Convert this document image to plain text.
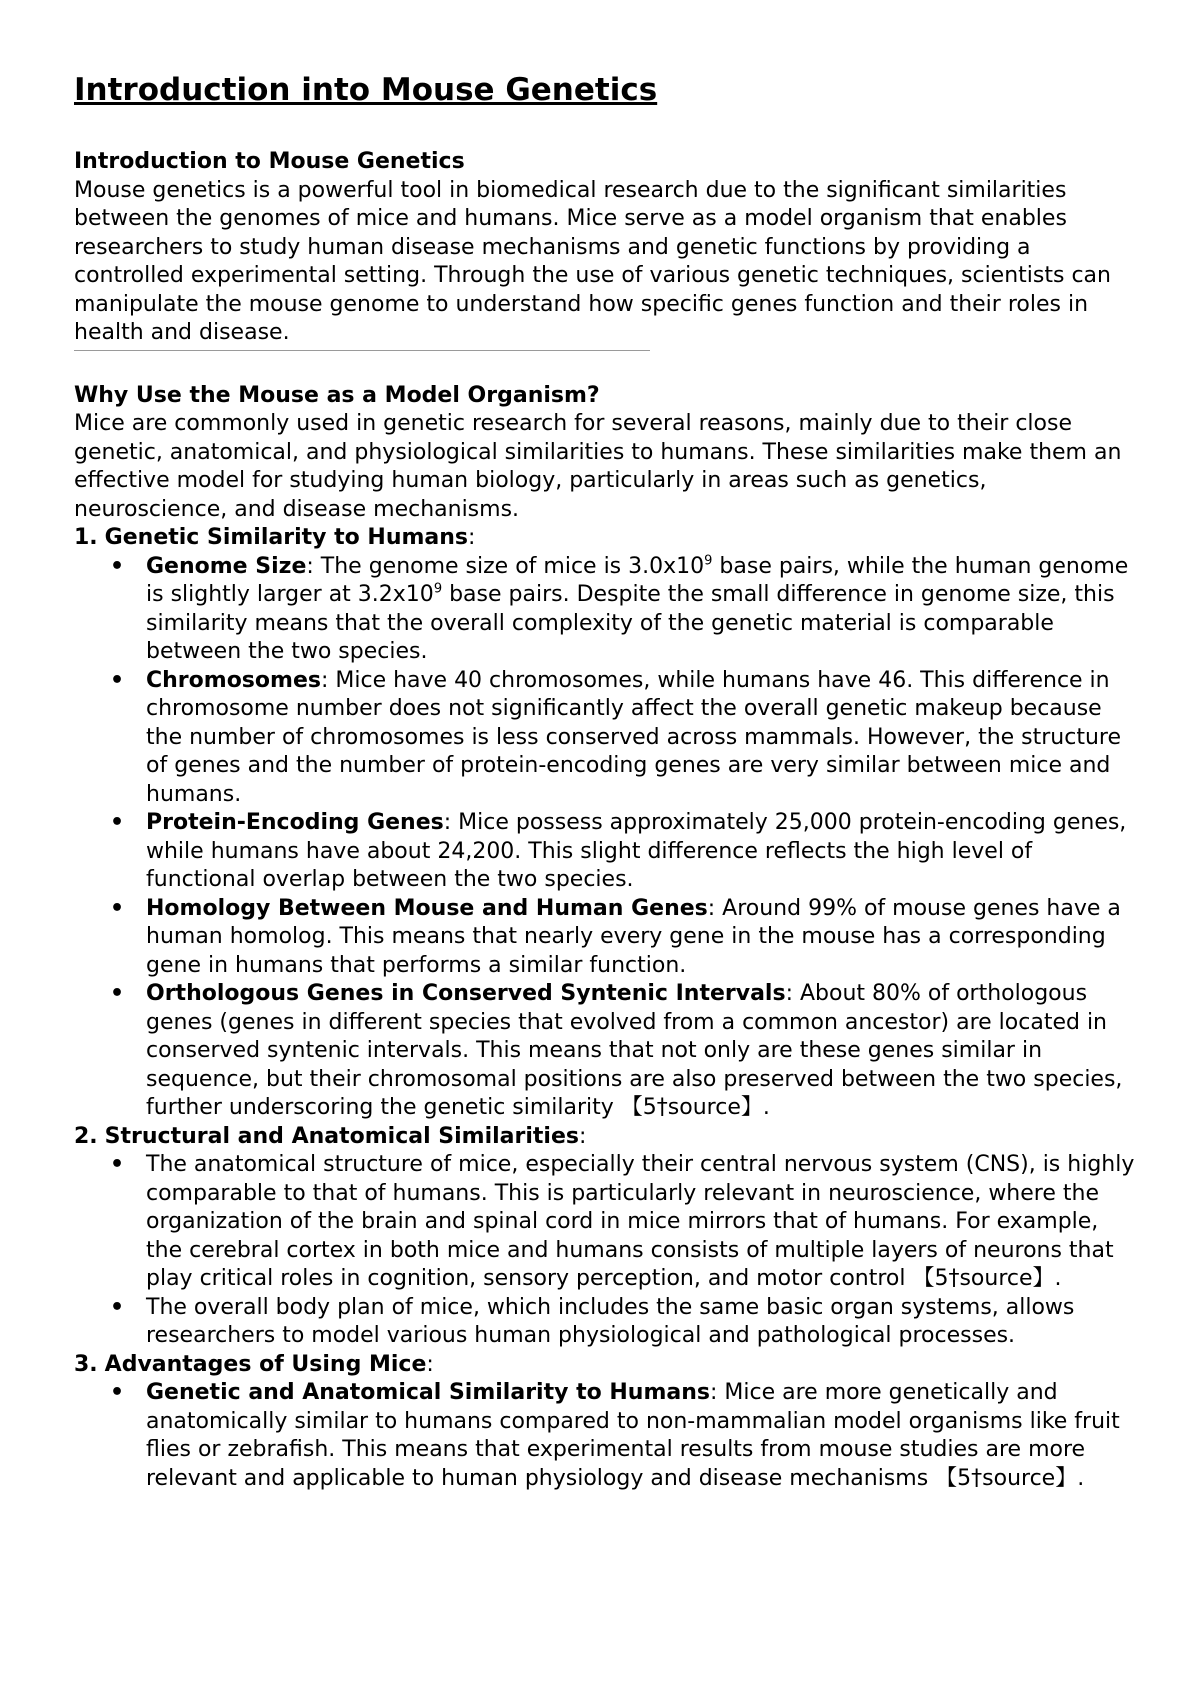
Introduction into Mouse Genetics
Introduction to Mouse Genetics

Mouse genetics is a powerful tool in biomedical research due to the significant similarities between the genomes of mice and humans. Mice serve as a model organism that enables researchers to study human disease mechanisms and genetic functions by providing a controlled experimental setting. Through the use of various genetic techniques, scientists can manipulate the mouse genome to understand how specific genes function and their roles in health and disease.

Why Use the Mouse as a Model Organism?

Mice are commonly used in genetic research for several reasons, mainly due to their close genetic, anatomical, and physiological similarities to humans. These similarities make them an effective model for studying human biology, particularly in areas such as genetics, neuroscience, and disease mechanisms.

1. Genetic Similarity to Humans:
• Genome Size: The genome size of mice is $3.0x10^9$ base pairs, while the human genome is slightly larger at $3.2x10^9$ base pairs. Despite the small difference in genome size, this similarity means that the overall complexity of the genetic material is comparable between the two species.
• Chromosomes: Mice have 40 chromosomes, while humans have 46. This difference in chromosome number does not significantly affect the overall genetic makeup because the number of chromosomes is less conserved across mammals. However, the structure of genes and the number of protein-encoding genes are very similar between mice and humans.
• Protein-Encoding Genes: Mice possess approximately 25,000 protein-encoding genes, while humans have about 24,200. This slight difference reflects the high level of functional overlap between the two species.
• Homology Between Mouse and Human Genes: Around 99% of mouse genes have a human homolog. This means that nearly every gene in the mouse has a corresponding gene in humans that performs a similar function.
• Orthologous Genes in Conserved Syntenic Intervals: About 80% of orthologous genes (genes in different species that evolved from a common ancestor) are located in conserved syntenic intervals. This means that not only are these genes similar in sequence, but their chromosomal positions are also preserved between the two species, further underscoring the genetic similarity 【5†source】.
2. Structural and Anatomical Similarities:
• The anatomical structure of mice, especially their central nervous system (CNS), is highly comparable to that of humans. This is particularly relevant in neuroscience, where the organization of the brain and spinal cord in mice mirrors that of humans. For example, the cerebral cortex in both mice and humans consists of multiple layers of neurons that play critical roles in cognition, sensory perception, and motor control 【5†source】.
• The overall body plan of mice, which includes the same basic organ systems, allows researchers to model various human physiological and pathological processes.
3. Advantages of Using Mice:
• Genetic and Anatomical Similarity to Humans: Mice are more genetically and anatomically similar to humans compared to non-mammalian model organisms like fruit flies or zebrafish. This means that experimental results from mouse studies are more relevant and applicable to human physiology and disease mechanisms 【5†source】.
